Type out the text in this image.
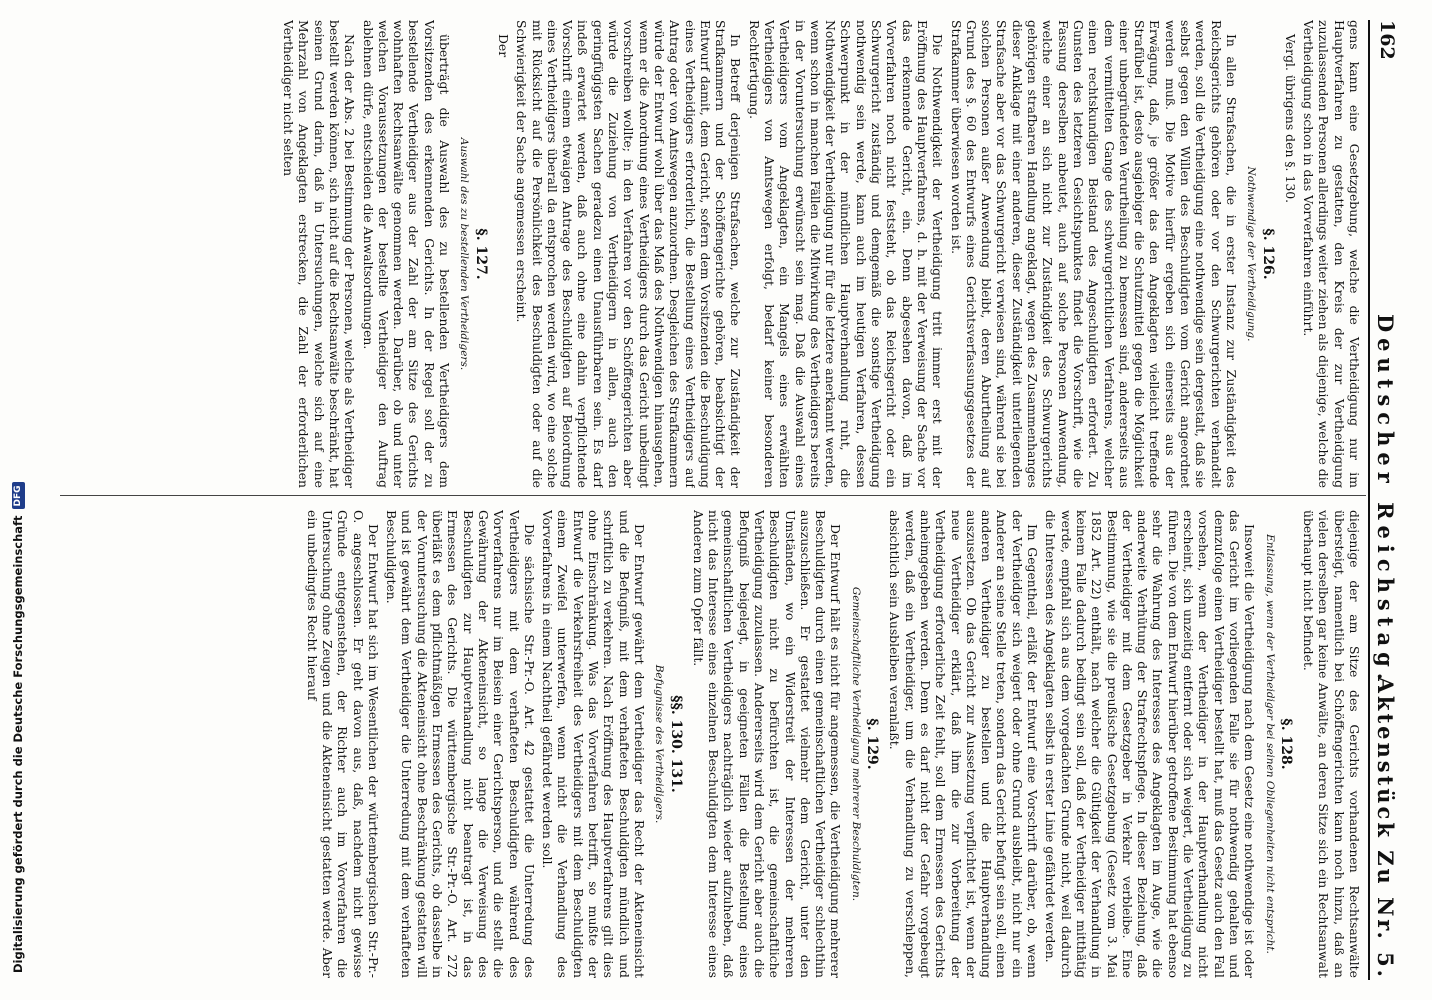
162
Deutscher Reichstag.
Aktenstück Zu Nr. 5.

gens kann eine Gesetzgebung, welche die Vertheidigung nur im Hauptverfahren zu gestatten, den Kreis der zur Vertheidigung zuzulassenden Personen allerdings weiter ziehen als diejenige, welche die Vertheidigung schon in das Vorverfahren einführt.

Vergl. übrigens den §. 130.

§. 126.
Nothwendige der Vertheidigung.

In allen Strafsachen, die in erster Instanz zur Zuständigkeit des Reichsgerichts gehören oder vor den Schwurgerichten verhandelt werden, soll die Vertheidigung eine nothwendige sein dergestalt, daß sie selbst gegen den Willen des Beschuldigten vom Gericht angeordnet werden muß. Die Motive hierfür ergeben sich einerseits aus der Erwägung, daß, je größer das den Angeklagten vielleicht treffende Strafübel ist, desto ausgiebiger die Schutzmittel gegen die Möglichkeit einer unbegründeten Verurtheilung zu bemessen sind, andererseits aus dem vermittelten Gange des schwurgerichtlichen Verfahrens, welcher einen rechtskundigen Beistand des Angeschuldigten erfordert. Zu Gunsten des letzteren Gesichtspunktes findet die Vorschrift, wie die Fassung derselben anbeutet, auch auf solche Personen Anwendung, welche einer an sich nicht zur Zuständigkeit des Schwurgerichts gehörigen strafbaren Handlung angeklagt, wegen des Zusammenhanges dieser Anklage mit einer anderen, dieser Zuständigkeit unterliegenden Strafsache aber vor das Schwurgericht verwiesen sind, während sie bei solchen Personen außer Anwendung bleibt, deren Aburtheilung auf Grund des §. 60 des Entwurfs eines Gerichtsverfassungsgesetzes der Strafkammer überwiesen worden ist.

Die Nothwendigkeit der Vertheidigung tritt immer erst mit der Eröffnung des Hauptverfahrens, d. h. mit der Verweisung der Sache vor das erkennende Gericht, ein. Denn abgesehen davon, daß im Vorverfahren noch nicht feststeht, ob das Reichsgericht oder ein Schwurgericht zuständig und demgemäß die sonstige Vertheidigung nothwendig sein werde, kann auch im heutigen Verfahren, dessen Schwerpunkt in der mündlichen Hauptverhandlung ruht, die Nothwendigkeit der Vertheidigung nur für die letztere anerkannt werden, wenn schon in manchen Fällen die Mitwirkung des Vertheidigers bereits in der Voruntersuchung erwünscht sein mag. Daß die Auswahl eines Vertheidigers vom Angeklagten, ein Mangels eines erwählten Vertheidigers von Amtswegen erfolgt, bedarf keiner besonderen Rechtfertigung.

In Betreff derjenigen Strafsachen, welche zur Zuständigkeit der Strafkammern und der Schöffengerichte gehören, beabsichtigt der Entwurf damit, dem Gericht, sofern dem Vorsitzenden die Beschuldigung eines Vertheidigers erforderlich, die Bestellung eines Vertheidigers auf Antrag oder von Amtswegen anzuordnen. Desgleichen des Strafkammern würde der Entwurf wohl über das Maß des Nothwendigen hinausgehen, wenn er die Anordnung eines Vertheidigers durch das Gericht unbedingt vorschreiben wollte; in den Verfahren vor den Schöffengerichten aber würde die Zuziehung von Vertheidigern in allen, auch den geringfügigsten Sachen geradezu einen Unausführbaren sein. Es darf indeß erwartet werden, daß auch ohne eine dahin verpflichtende Vorschrift einem etwaigen Antrage des Beschuldigten auf Beiordnung eines Vertheidigers überall da entsprochen werden wird, wo eine solche mit Rücksicht auf die Persönlichkeit des Beschuldigten oder auf die Schwierigkeit der Sache angemessen erscheint.

Der

§. 127.
Auswahl des zu bestellenden Vertheidigers.

überträgt die Auswahl des zu bestellenden Vertheidigers dem Vorsitzenden des erkennenden Gerichts. In der Regel soll der zu bestellende Vertheidiger aus der Zahl der am Sitze des Gerichts wohnhaften Rechtsanwälte genommen werden. Darüber, ob und unter welchen Voraussetzungen der bestellte Vertheidiger den Auftrag ablehnen dürfe, entscheiden die Anwaltsordnungen.

Nach der Abs. 2 bei Bestimmung der Personen, welche als Vertheidiger bestellt werden können, sich nicht auf die Rechtsanwälte beschränkt, hat seinen Grund darin, daß in Untersuchungen, welche sich auf eine Mehrzahl von Angeklagten erstrecken, die Zahl der erforderlichen Vertheidiger nicht selten

diejenige der am Sitze des Gerichts vorhandenen Rechtsanwälte übersteigt, namentlich bei Schöffengerichten kann noch hinzu, daß an vielen derselben gar keine Anwälte, an deren Sitze sich ein Rechtsanwalt überhaupt nicht befindet.

§. 128.
Entlassung, wenn der Vertheidiger bei seinen Obliegenheiten nicht entspricht.

Insoweit die Vertheidigung nach dem Gesetz eine nothwendige ist oder das Gericht im vorliegenden Falle sie für nothwendig gehalten und demzufolge einen Vertheidiger bestellt hat, muß das Gesetz auch den Fall vorsehen, wenn der Vertheidiger in der Hauptverhandlung nicht erscheint, sich unzeitig entfernt oder sich weigert, die Vertheidigung zu führen. Die von dem Entwurf hierüber getroffene Bestimmung hat ebenso sehr die Wahrung des Interesses des Angeklagten im Auge, wie die anderweite Verhütung der Strafrechtspflege. In dieser Beziehung, daß der Vertheidiger mit dem Gesetzgeber in Verkehr verbleibe. Eine Bestimmung, wie sie die preußische Gesetzgebung (Gesetz vom 3. Mai 1852 Art. 22) enthält, nach welcher die Gültigkeit der Verhandlung in keinem Falle dadurch bedingt sein soll, daß der Vertheidiger mitthätig werde, empfahl sich aus dem vorgedachten Grunde nicht, weil dadurch die Interessen des Angeklagten selbst in erster Linie gefährdet werden.

Im Gegentheil, erläßt der Entwurf eine Vorschrift darüber, ob, wenn der Vertheidiger sich weigert oder ohne Grund ausbleibt, nicht nur ein Anderer an seine Stelle treten, sondern das Gericht befugt sein soll, einen anderen Vertheidiger zu bestellen und die Hauptverhandlung auszusetzen. Ob das Gericht zur Aussetzung verpflichtet ist, wenn der neue Vertheidiger erklärt, daß ihm die zur Vorbereitung der Vertheidigung erforderliche Zeit fehlt, soll dem Ermessen des Gerichts anheimgegeben werden. Denn es darf nicht der Gefahr vorgebeugt werden, daß ein Vertheidiger, um die Verhandlung zu verschleppen, absichtlich sein Ausbleiben veranlaßt.

§. 129.
Gemeinschaftliche Vertheidigung mehrerer Beschuldigten.

Der Entwurf hält es nicht für angemessen, die Vertheidigung mehrerer Beschuldigten durch einen gemeinschaftlichen Vertheidiger schlechthin auszuschließen. Er gestattet vielmehr dem Gericht, unter den Umständen, wo ein Widerstreit der Interessen der mehreren Beschuldigten nicht zu befürchten ist, die gemeinschaftliche Vertheidigung zuzulassen. Andererseits wird dem Gericht aber auch die Befugniß beigelegt, in geeigneten Fällen die Bestellung eines gemeinschaftlichen Vertheidigers nachträglich wieder aufzuheben, daß nicht das Interesse eines einzelnen Beschuldigten dem Interesse eines Anderen zum Opfer fällt.

§§. 130. 131.
Befugnisse des Vertheidigers.

Der Entwurf gewährt dem Vertheidiger das Recht der Akteneinsicht und die Befugniß, mit dem verhafteten Beschuldigten mündlich und schriftlich zu verkehren. Nach Eröffnung des Hauptverfahrens gilt dies ohne Einschränkung. Was das Vorverfahren betrifft, so mußte der Entwurf die Verkehrsfreiheit des Vertheidigers mit dem Beschuldigten einem Zweifel unterwerfen, wenn nicht die Verhandlung des Vorverfahrens in einem Nachtheil gefährdet werden soll.

Die sächsische Str.-Pr.-O. Art. 42 gestattet die Unterredung des Vertheidigers mit dem verhafteten Beschuldigten während des Vorverfahrens nur im Beisein einer Gerichtsperson, und die stellt die Gewährung der Akteneinsicht, so lange die Verweisung des Beschuldigten zur Hauptverhandlung nicht beantragt ist, in das Ermessen des Gerichts. Die württembergische Str.-Pr.-O. Art. 272 überläßt es dem pflichtmäßigen Ermessen des Gerichts, ob dasselbe in der Voruntersuchung die Akteneinsicht ohne Beschränkung gestatten will und ist gewährt dem Vertheidiger die Unterredung mit dem verhafteten Beschuldigten.

Der Entwurf hat sich im Wesentlichen der württembergischen Str.-Pr.-O. angeschlossen. Er geht davon aus, daß, nachdem nicht gewisse Gründe entgegenstehen, der Richter auch im Vorverfahren die Untersuchung ohne Zeugen und die Akteneinsicht gestatten werde. Aber ein unbedingtes Recht hierauf

Digitalisierung gefördert durch die Deutsche Forschungsgemeinschaft
DFG
